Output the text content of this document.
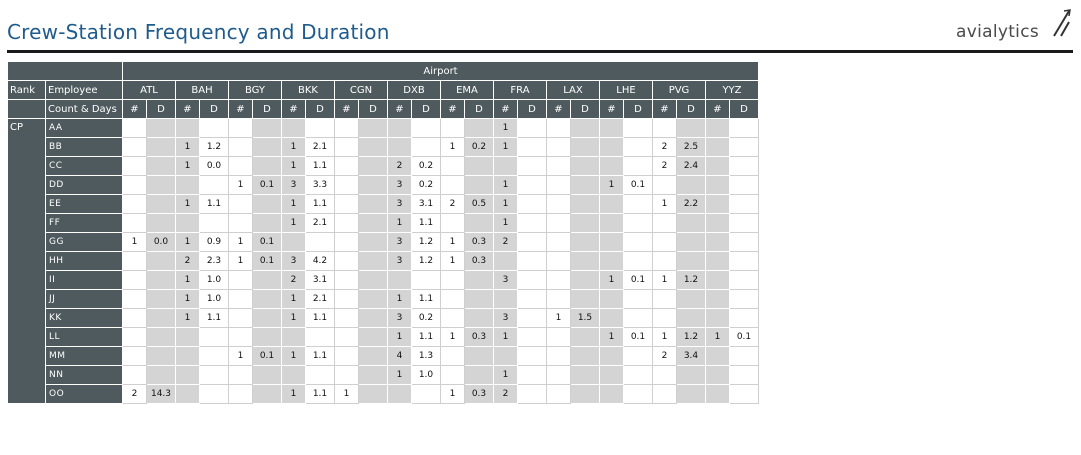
Crew-Station Frequency and Duration	avialytics
		Airport																							
Rank	Employee	ATL		BAH		BGY		BKK		CGN		DXB		EMA		FRA		LAX		LHE		PVG		YYZ	
	Count & Days	#	D	#	D	#	D	#	D	#	D	#	D	#	D	#	D	#	D	#	D	#	D	#	D
CP	AA															1									
	BB			1	1.2			1	2.1					1	0.2	1						2	2.5		
	CC			1	0.0			1	1.1			2	0.2									2	2.4		
	DD					1	0.1	3	3.3			3	0.2			1				1	0.1				
	EE			1	1.1			1	1.1			3	3.1	2	0.5	1						1	2.2		
	FF							1	2.1			1	1.1			1									
	GG	1	0.0	1	0.9	1	0.1					3	1.2	1	0.3	2									
	HH			2	2.3	1	0.1	3	4.2			3	1.2	1	0.3										
	II			1	1.0			2	3.1							3				1	0.1	1	1.2		
	JJ			1	1.0			1	2.1			1	1.1												
	KK			1	1.1			1	1.1			3	0.2			3		1	1.5						
	LL											1	1.1	1	0.3	1				1	0.1	1	1.2	1	0.1
	MM					1	0.1	1	1.1			4	1.3									2	3.4		
	NN											1	1.0			1									
	OO	2	14.3					1	1.1	1				1	0.3	2									
